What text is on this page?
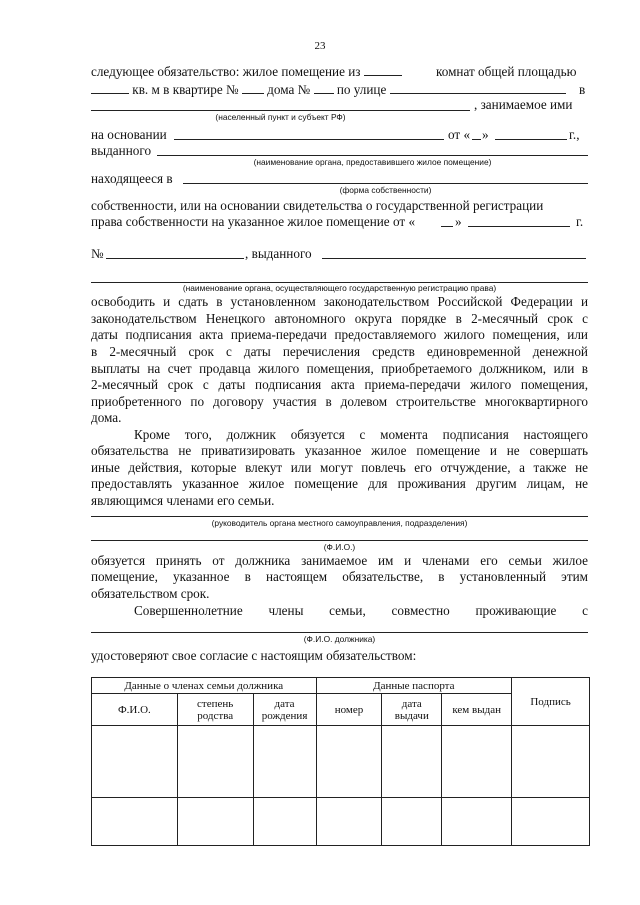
23
следующее обязательство: жилое помещение из	комнат общей площадью
кв. м в квартире № дома № по улице	в
, занимаемое ими
(населенный пункт и субъект РФ)
на основании	от « »	г.,
выданного
(наименование органа, предоставившего жилое помещение)
находящееся в
(форма собственности)
собственности, или на основании свидетельства о государственной регистрации
права собственности на указанное жилое помещение от «	»	г.
№	, выданного
(наименование органа, осуществляющего государственную регистрацию права)
освободить и сдать в установленном законодательством Российской Федерации и
законодательством Ненецкого автономного округа порядке в 2-месячный срок с
даты подписания акта приема-передачи предоставляемого жилого помещения, или
в 2-месячный срок с даты перечисления средств единовременной денежной
выплаты на счет продавца жилого помещения, приобретаемого должником, или в
2-месячный срок с даты подписания акта приема-передачи жилого помещения,
приобретенного по договору участия в долевом строительстве многоквартирного
дома.
Кроме того, должник обязуется с момента подписания настоящего
обязательства не приватизировать указанное жилое помещение и не совершать
иные действия, которые влекут или могут повлечь его отчуждение, а также не
предоставлять указанное жилое помещение для проживания другим лицам, не
являющимся членами его семьи.
(руководитель органа местного самоуправления, подразделения)
(Ф.И.О.)
обязуется принять от должника занимаемое им и членами его семьи жилое
помещение, указанное в настоящем обязательстве, в установленный этим
обязательством срок.
Совершеннолетние члены семьи, совместно проживающие с
(Ф.И.О. должника)
удостоверяют свое согласие с настоящим обязательством:
Данные о членах семьи должника			Данные паспорта			Подпись
Ф.И.О.	степень родства	дата рождения	номер	дата выдачи	кем выдан	
